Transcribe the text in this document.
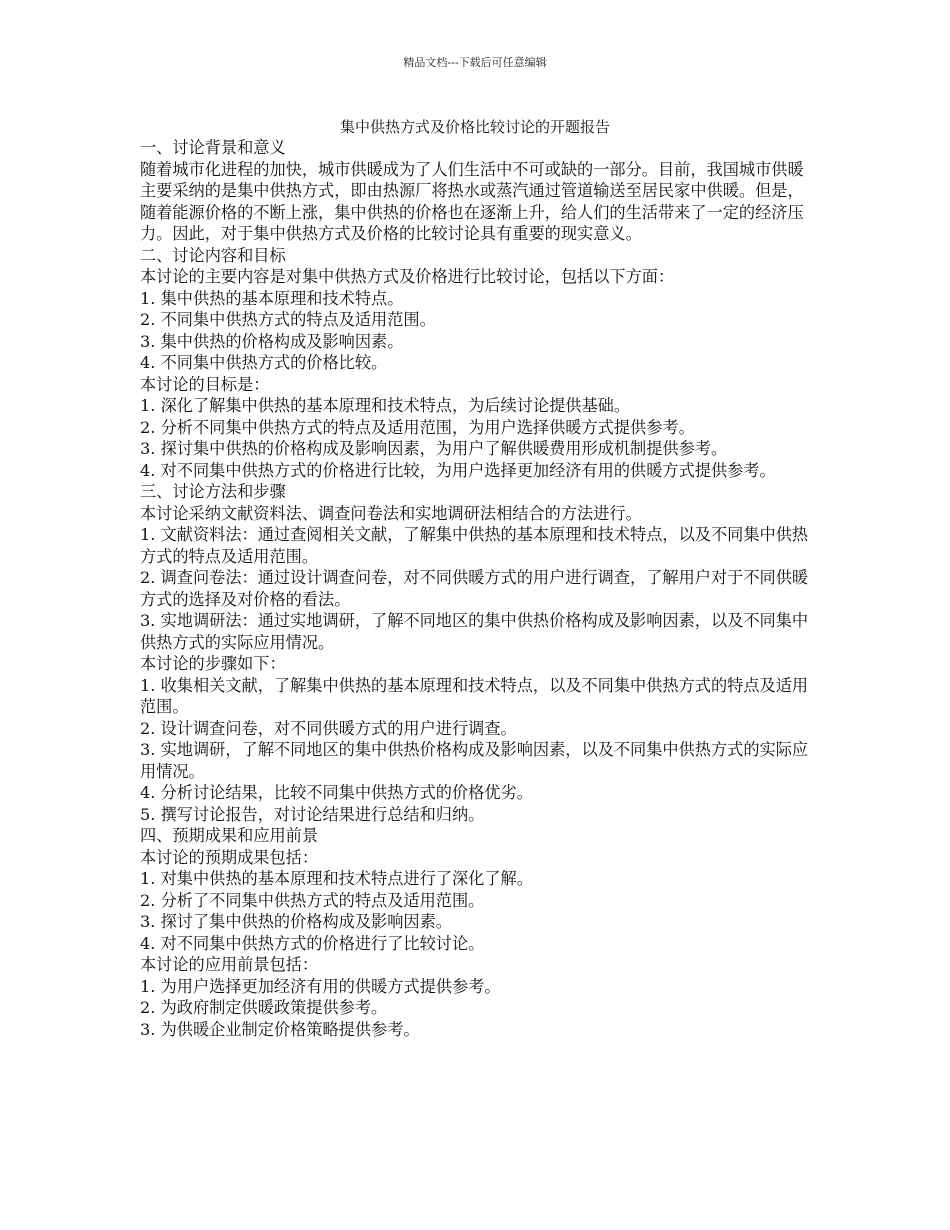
精品文档---下载后可任意编辑
集中供热方式及价格比较讨论的开题报告

一、讨论背景和意义

随着城市化进程的加快，城市供暖成为了人们生活中不可或缺的一部分。目前，我国城市供暖主要采纳的是集中供热方式，即由热源厂将热水或蒸汽通过管道输送至居民家中供暖。但是，随着能源价格的不断上涨，集中供热的价格也在逐渐上升，给人们的生活带来了一定的经济压力。因此，对于集中供热方式及价格的比较讨论具有重要的现实意义。

二、讨论内容和目标

本讨论的主要内容是对集中供热方式及价格进行比较讨论，包括以下方面：

1. 集中供热的基本原理和技术特点。

2. 不同集中供热方式的特点及适用范围。

3. 集中供热的价格构成及影响因素。

4. 不同集中供热方式的价格比较。

本讨论的目标是：

1. 深化了解集中供热的基本原理和技术特点，为后续讨论提供基础。

2. 分析不同集中供热方式的特点及适用范围，为用户选择供暖方式提供参考。

3. 探讨集中供热的价格构成及影响因素，为用户了解供暖费用形成机制提供参考。

4. 对不同集中供热方式的价格进行比较，为用户选择更加经济有用的供暖方式提供参考。

三、讨论方法和步骤

本讨论采纳文献资料法、调查问卷法和实地调研法相结合的方法进行。

1. 文献资料法：通过查阅相关文献，了解集中供热的基本原理和技术特点，以及不同集中供热方式的特点及适用范围。

2. 调查问卷法：通过设计调查问卷，对不同供暖方式的用户进行调查，了解用户对于不同供暖方式的选择及对价格的看法。

3. 实地调研法：通过实地调研，了解不同地区的集中供热价格构成及影响因素，以及不同集中供热方式的实际应用情况。

本讨论的步骤如下：

1. 收集相关文献，了解集中供热的基本原理和技术特点，以及不同集中供热方式的特点及适用范围。

2. 设计调查问卷，对不同供暖方式的用户进行调查。

3. 实地调研，了解不同地区的集中供热价格构成及影响因素，以及不同集中供热方式的实际应用情况。

4. 分析讨论结果，比较不同集中供热方式的价格优劣。

5. 撰写讨论报告，对讨论结果进行总结和归纳。

四、预期成果和应用前景

本讨论的预期成果包括：

1. 对集中供热的基本原理和技术特点进行了深化了解。

2. 分析了不同集中供热方式的特点及适用范围。

3. 探讨了集中供热的价格构成及影响因素。

4. 对不同集中供热方式的价格进行了比较讨论。

本讨论的应用前景包括：

1. 为用户选择更加经济有用的供暖方式提供参考。

2. 为政府制定供暖政策提供参考。

3. 为供暖企业制定价格策略提供参考。
